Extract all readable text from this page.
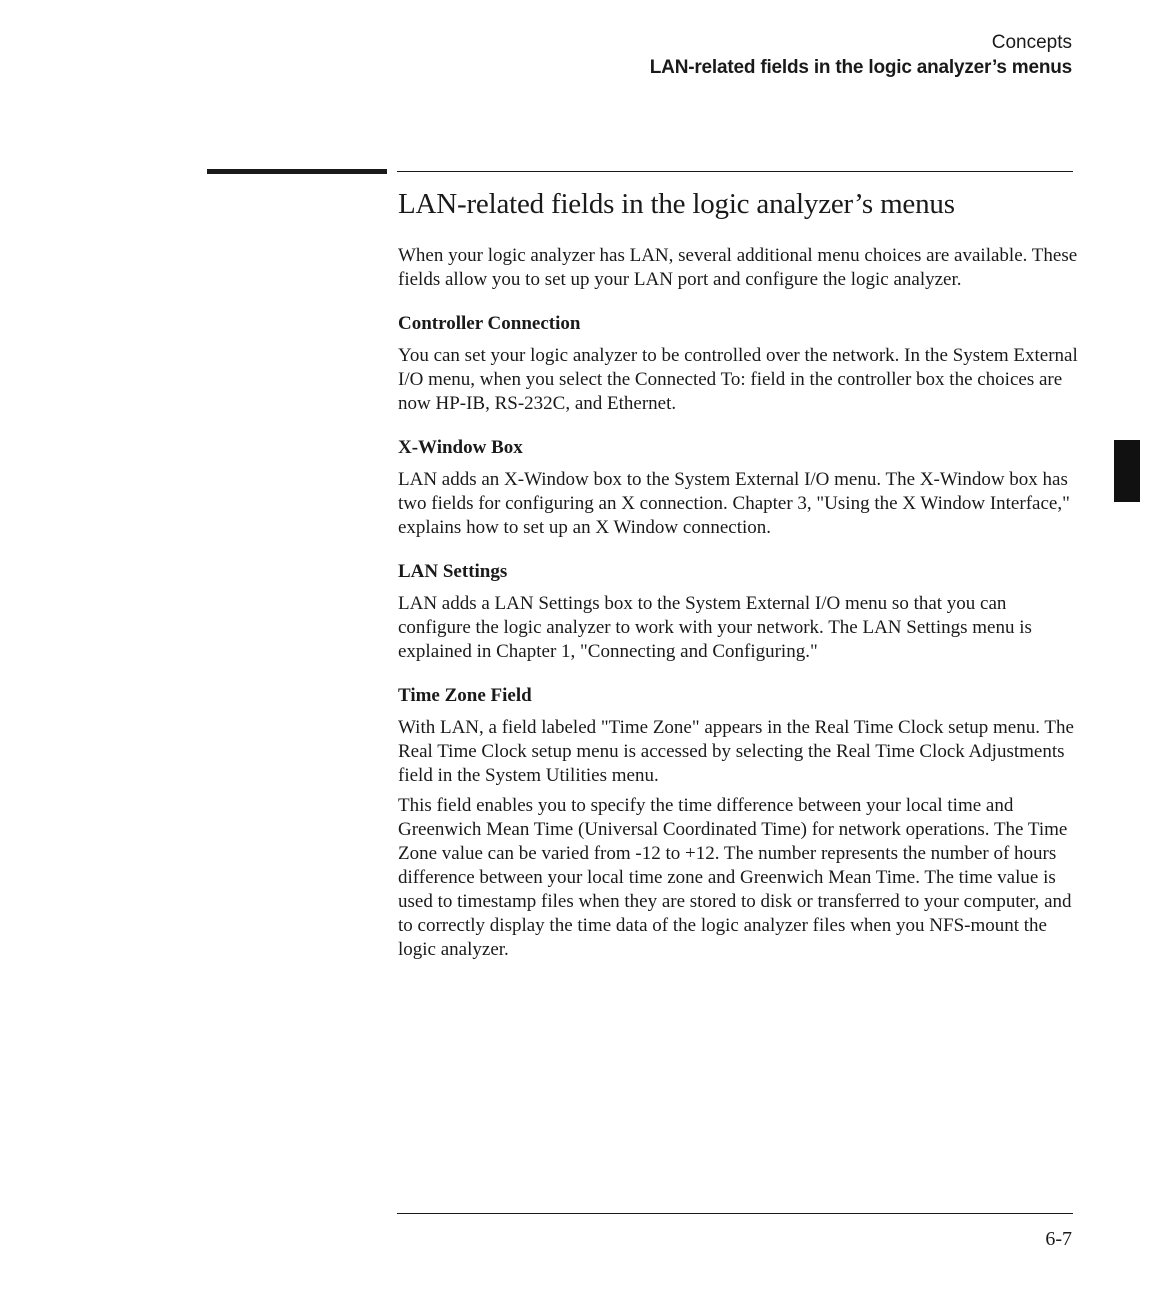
Concepts
LAN-related fields in the logic analyzer’s menus
LAN-related fields in the logic analyzer’s menus

When your logic analyzer has LAN, several additional menu choices are available. These fields allow you to set up your LAN port and configure the logic analyzer.

Controller Connection

You can set your logic analyzer to be controlled over the network. In the System External I/O menu, when you select the Connected To: field in the controller box the choices are now HP-IB, RS-232C, and Ethernet.

X-Window Box

LAN adds an X-Window box to the System External I/O menu. The X-Window box has two fields for configuring an X connection. Chapter 3, "Using the X Window Interface," explains how to set up an X Window connection.

LAN Settings

LAN adds a LAN Settings box to the System External I/O menu so that you can configure the logic analyzer to work with your network. The LAN Settings menu is explained in Chapter 1, "Connecting and Configuring."

Time Zone Field

With LAN, a field labeled "Time Zone" appears in the Real Time Clock setup menu. The Real Time Clock setup menu is accessed by selecting the Real Time Clock Adjustments field in the System Utilities menu.

This field enables you to specify the time difference between your local time and Greenwich Mean Time (Universal Coordinated Time) for network operations. The Time Zone value can be varied from -12 to +12. The number represents the number of hours difference between your local time zone and Greenwich Mean Time. The time value is used to timestamp files when they are stored to disk or transferred to your computer, and to correctly display the time data of the logic analyzer files when you NFS-mount the logic analyzer.

6-7
